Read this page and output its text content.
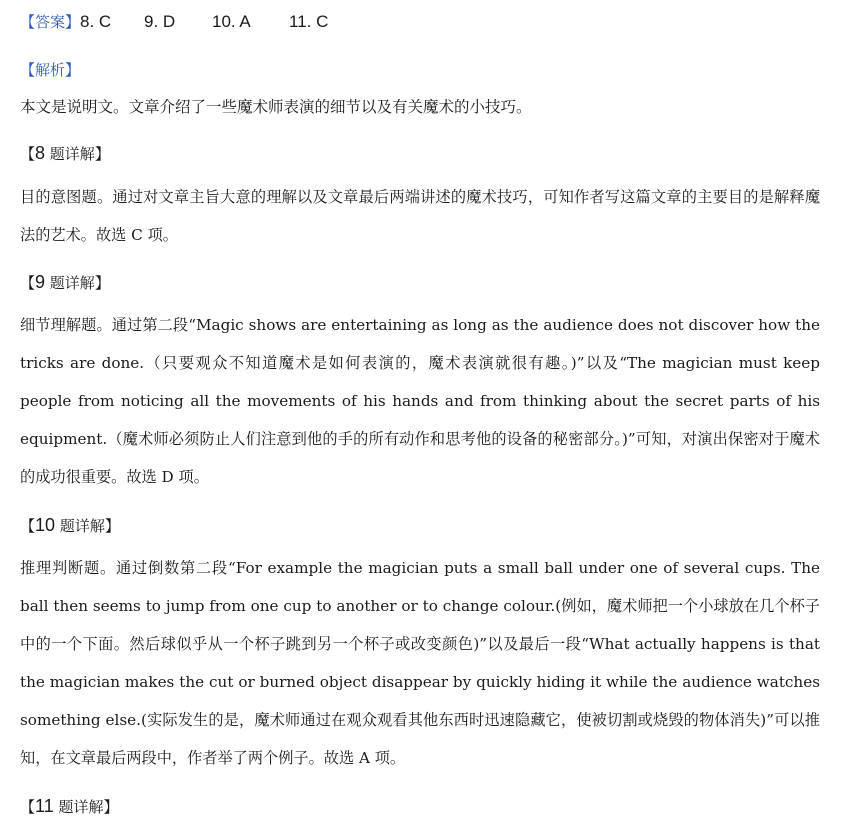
【答案】8. C 9. D 10. A 11. C
【解析】
本文是说明文。文章介绍了一些魔术师表演的细节以及有关魔术的小技巧。
【8 题详解】
目的意图题。通过对文章主旨大意的理解以及文章最后两端讲述的魔术技巧，可知作者写这篇文章的主要目的是解释魔法的艺术。故选 C 项。
【9 题详解】
细节理解题。通过第二段“Magic shows are entertaining as long as the audience does not discover how the tricks are done.（只要观众不知道魔术是如何表演的，魔术表演就很有趣。)”以及“The magician must keep people from noticing all the movements of his hands and from thinking about the secret parts of his equipment.（魔术师必须防止人们注意到他的手的所有动作和思考他的设备的秘密部分。)”可知，对演出保密对于魔术的成功很重要。故选 D 项。
【10 题详解】
推理判断题。通过倒数第二段“For example the magician puts a small ball under one of several cups. The ball then seems to jump from one cup to another or to change colour.(例如，魔术师把一个小球放在几个杯子中的一个下面。然后球似乎从一个杯子跳到另一个杯子或改变颜色)”以及最后一段“What actually happens is that the magician makes the cut or burned object disappear by quickly hiding it while the audience watches something else.(实际发生的是，魔术师通过在观众观看其他东西时迅速隐藏它，使被切割或烧毁的物体消失)”可以推知，在文章最后两段中，作者举了两个例子。故选 A 项。
【11 题详解】
